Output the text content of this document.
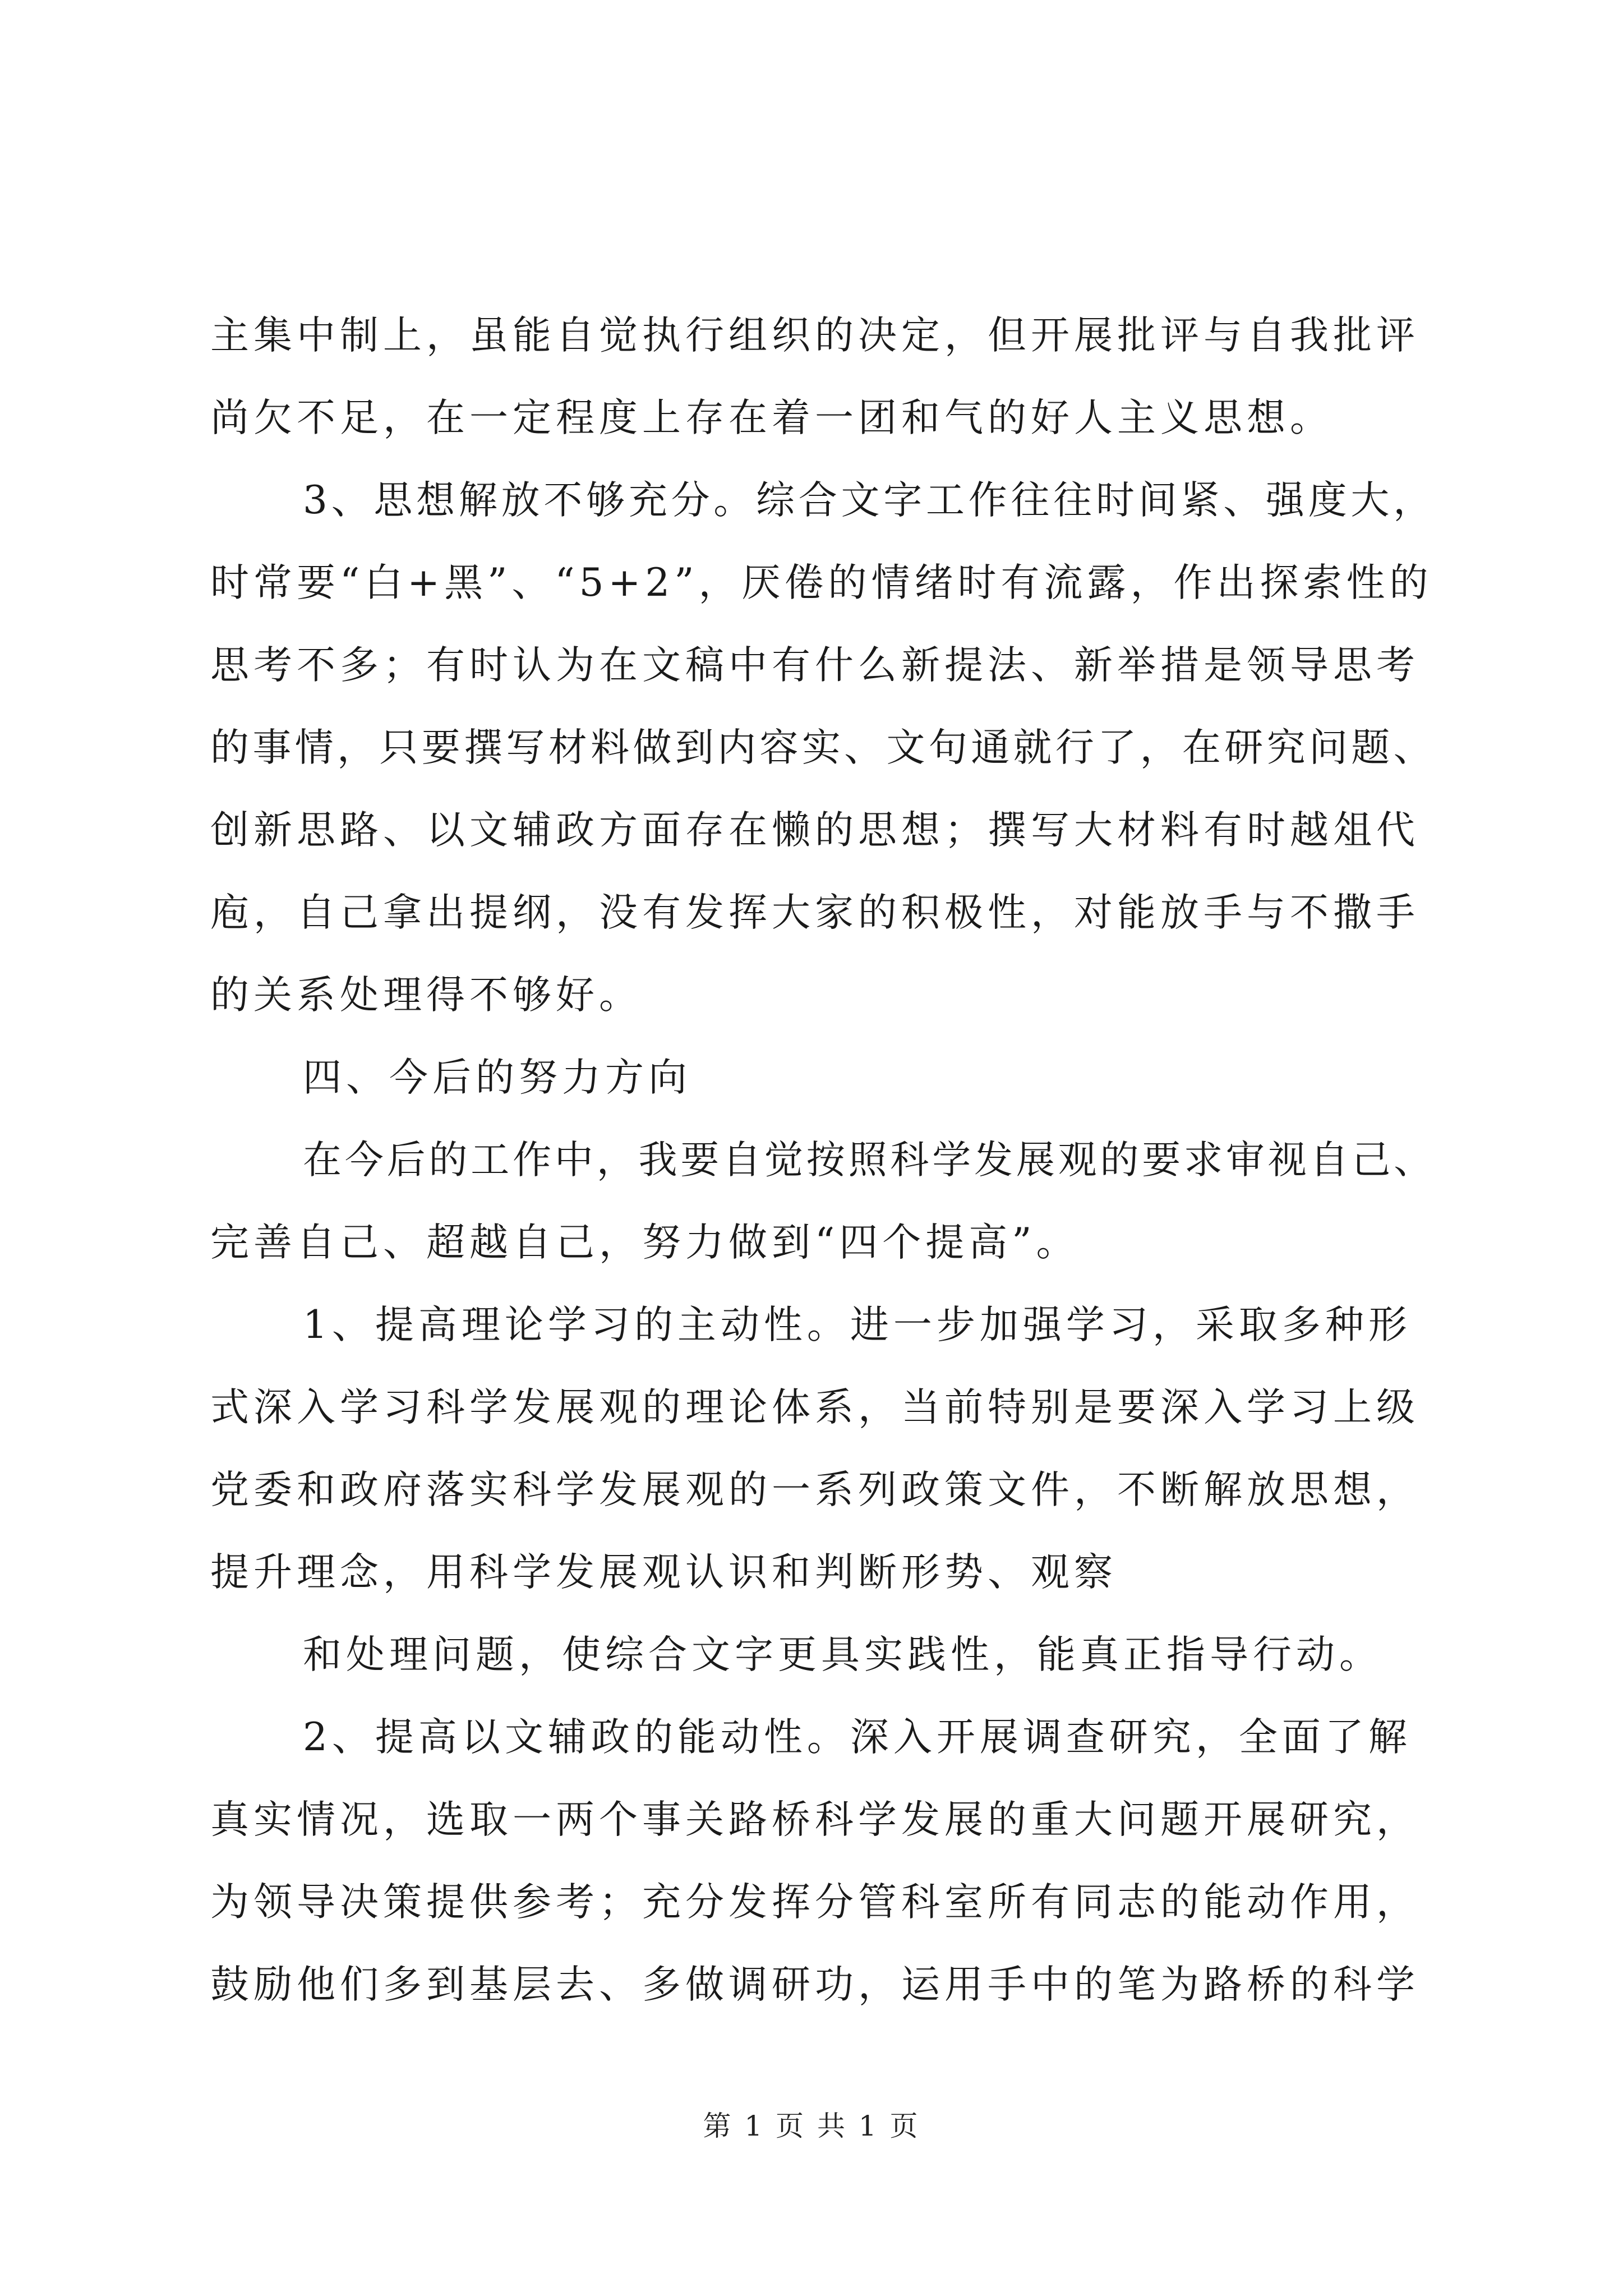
主集中制上，虽能自觉执行组织的决定，但开展批评与自我批评

尚欠不足，在一定程度上存在着一团和气的好人主义思想。

3、思想解放不够充分。综合文字工作往往时间紧、强度大，

时常要“白+黑”、“5+2”，厌倦的情绪时有流露，作出探索性的

思考不多；有时认为在文稿中有什么新提法、新举措是领导思考

的事情，只要撰写材料做到内容实、文句通就行了，在研究问题、

创新思路、以文辅政方面存在懒的思想；撰写大材料有时越俎代

庖，自己拿出提纲，没有发挥大家的积极性，对能放手与不撒手

的关系处理得不够好。

四、今后的努力方向

在今后的工作中，我要自觉按照科学发展观的要求审视自己、

完善自己、超越自己，努力做到“四个提高”。

1、提高理论学习的主动性。进一步加强学习，采取多种形

式深入学习科学发展观的理论体系，当前特别是要深入学习上级

党委和政府落实科学发展观的一系列政策文件，不断解放思想，

提升理念，用科学发展观认识和判断形势、观察

和处理问题，使综合文字更具实践性，能真正指导行动。

2、提高以文辅政的能动性。深入开展调查研究，全面了解

真实情况，选取一两个事关路桥科学发展的重大问题开展研究，

为领导决策提供参考；充分发挥分管科室所有同志的能动作用，

鼓励他们多到基层去、多做调研功，运用手中的笔为路桥的科学

第 1 页 共 1 页
